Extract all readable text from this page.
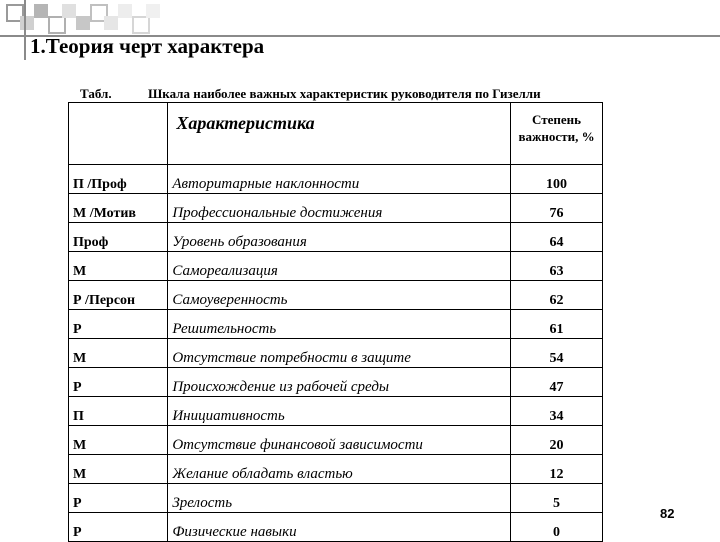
1.Теория черт характера
Табл.	Шкала наиболее важных характеристик руководителя по Гизелли
	Характеристика	Степень
важности, %
П /Проф	Авторитарные наклонности	100
М /Мотив	Профессиональные достижения	76
Проф	Уровень образования	64
М	Самореализация	63
Р /Персон	Самоуверенность	62
Р	Решительность	61
М	Отсутствие потребности в защите	54
Р	Происхождение из рабочей среды	47
П	Инициативность	34
М	Отсутствие финансовой зависимости	20
М	Желание обладать властью	12
Р	Зрелость	5
Р	Физические навыки	0
82
